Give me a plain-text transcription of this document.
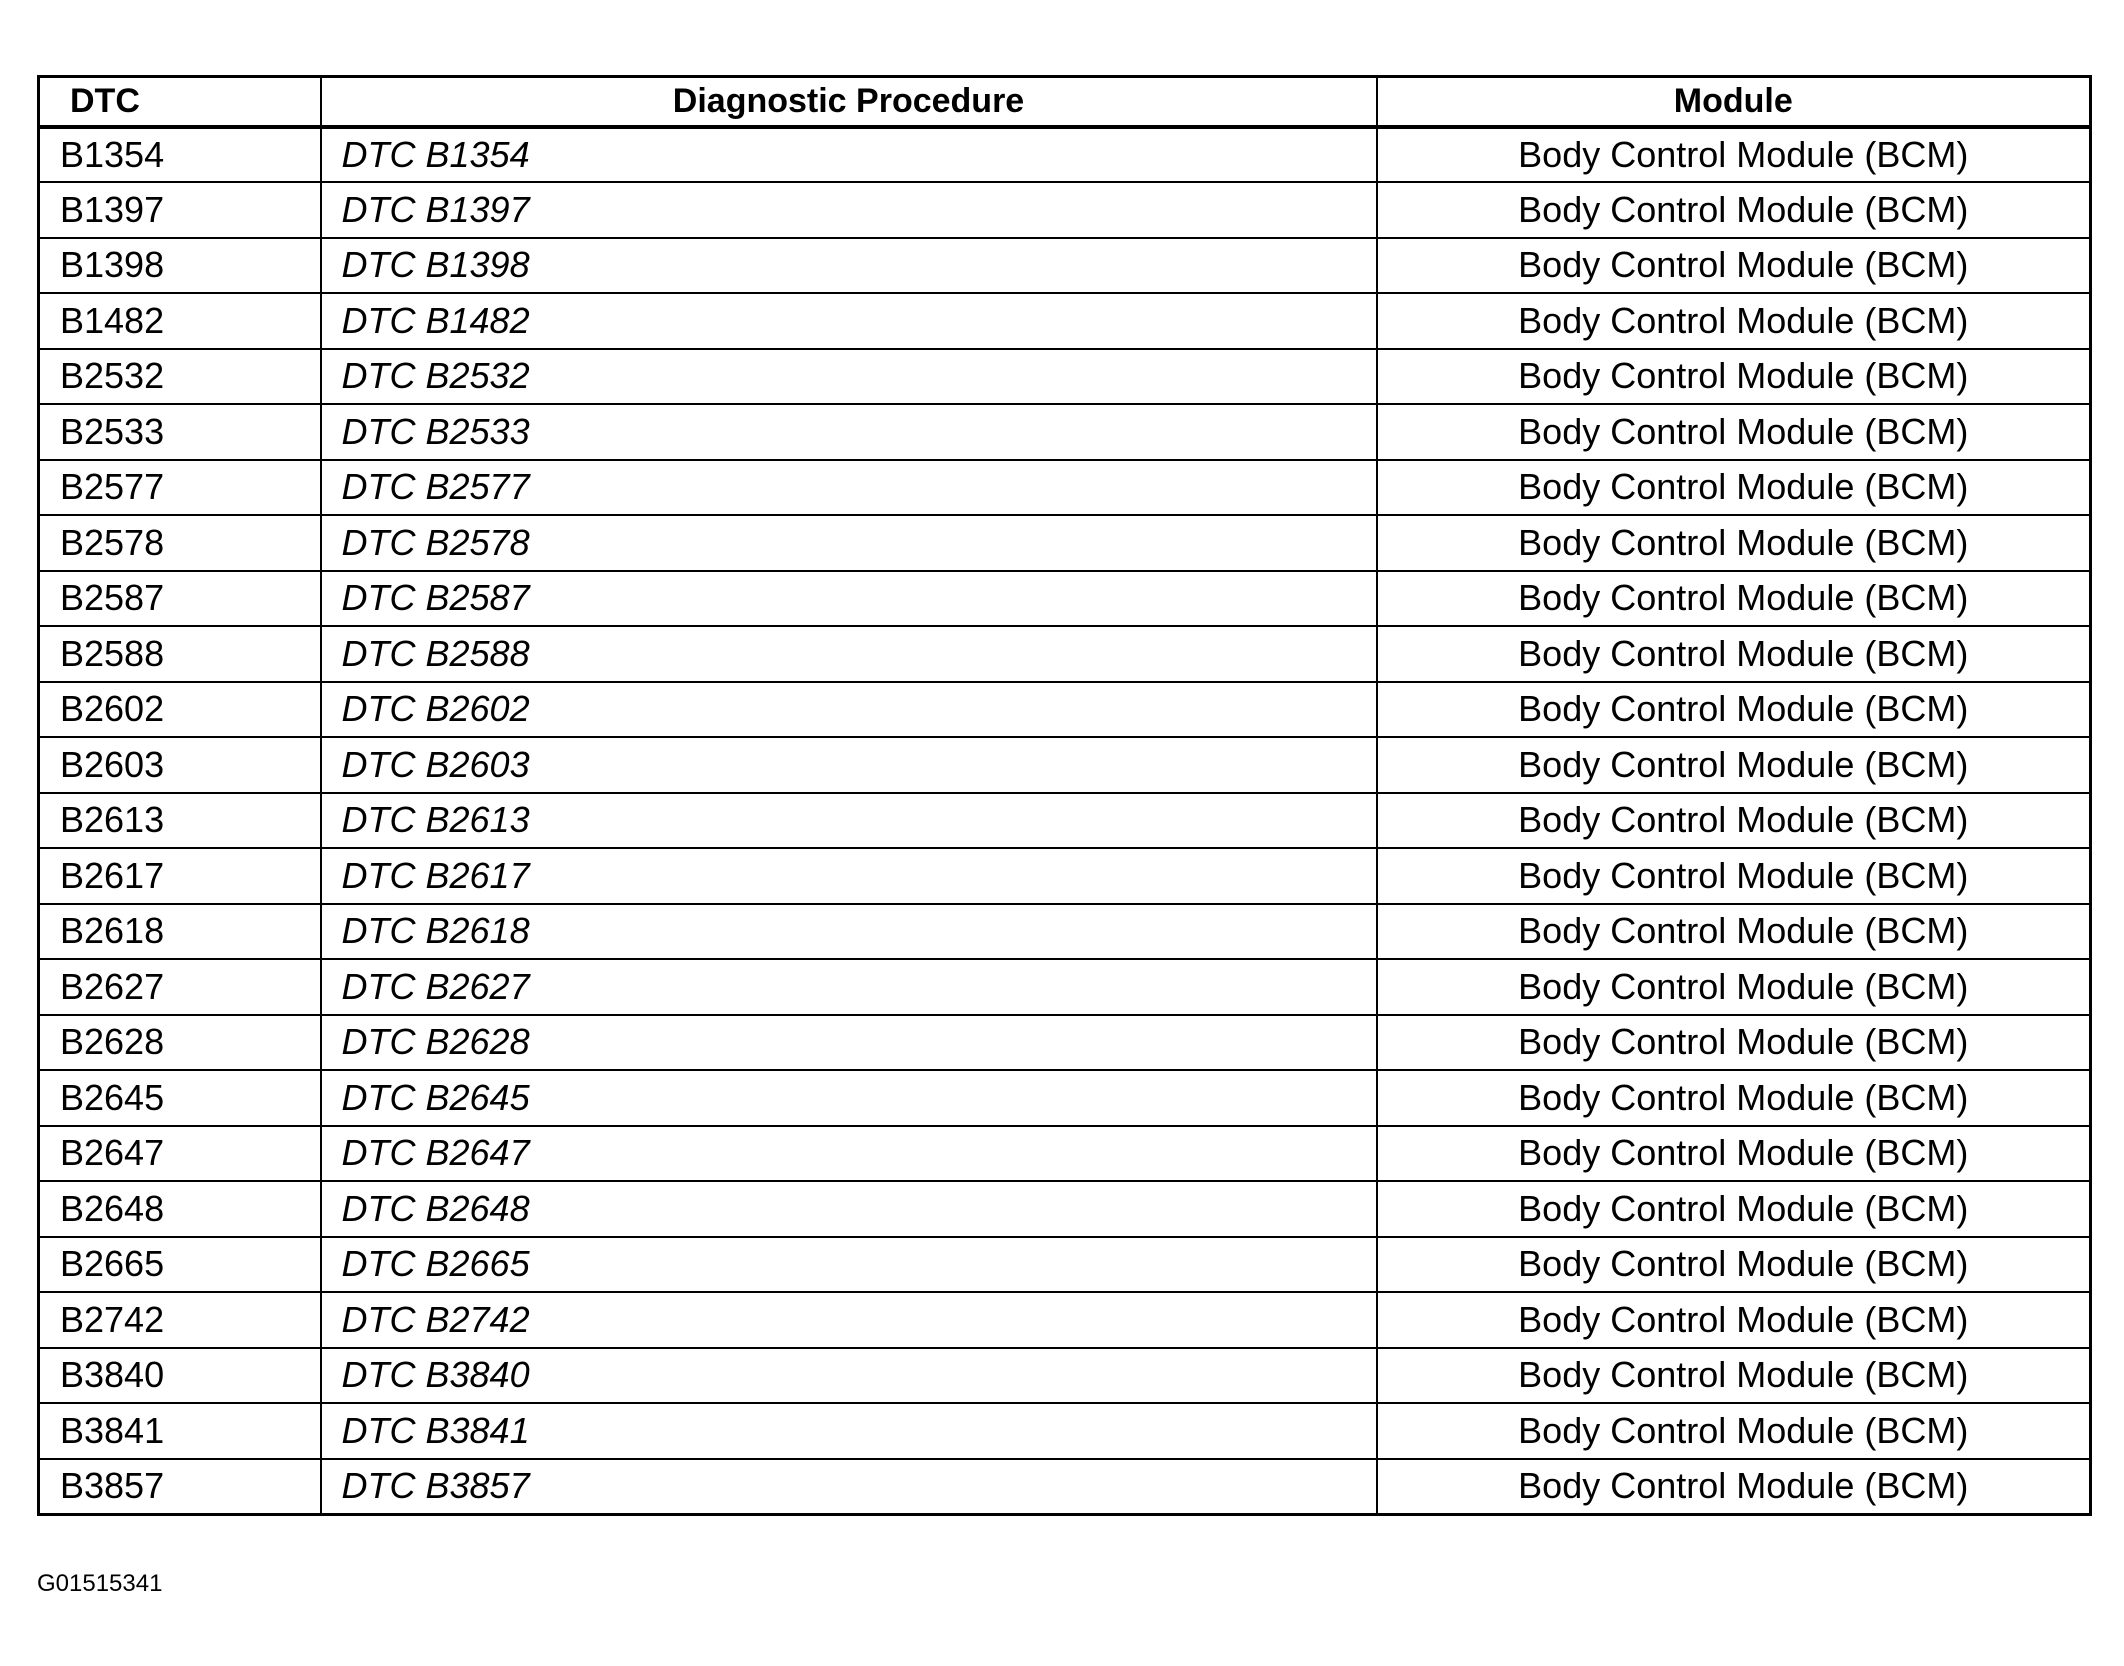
DTC	Diagnostic Procedure	Module
B1354	DTC B1354	Body Control Module (BCM)
B1397	DTC B1397	Body Control Module (BCM)
B1398	DTC B1398	Body Control Module (BCM)
B1482	DTC B1482	Body Control Module (BCM)
B2532	DTC B2532	Body Control Module (BCM)
B2533	DTC B2533	Body Control Module (BCM)
B2577	DTC B2577	Body Control Module (BCM)
B2578	DTC B2578	Body Control Module (BCM)
B2587	DTC B2587	Body Control Module (BCM)
B2588	DTC B2588	Body Control Module (BCM)
B2602	DTC B2602	Body Control Module (BCM)
B2603	DTC B2603	Body Control Module (BCM)
B2613	DTC B2613	Body Control Module (BCM)
B2617	DTC B2617	Body Control Module (BCM)
B2618	DTC B2618	Body Control Module (BCM)
B2627	DTC B2627	Body Control Module (BCM)
B2628	DTC B2628	Body Control Module (BCM)
B2645	DTC B2645	Body Control Module (BCM)
B2647	DTC B2647	Body Control Module (BCM)
B2648	DTC B2648	Body Control Module (BCM)
B2665	DTC B2665	Body Control Module (BCM)
B2742	DTC B2742	Body Control Module (BCM)
B3840	DTC B3840	Body Control Module (BCM)
B3841	DTC B3841	Body Control Module (BCM)
B3857	DTC B3857	Body Control Module (BCM)
G01515341
